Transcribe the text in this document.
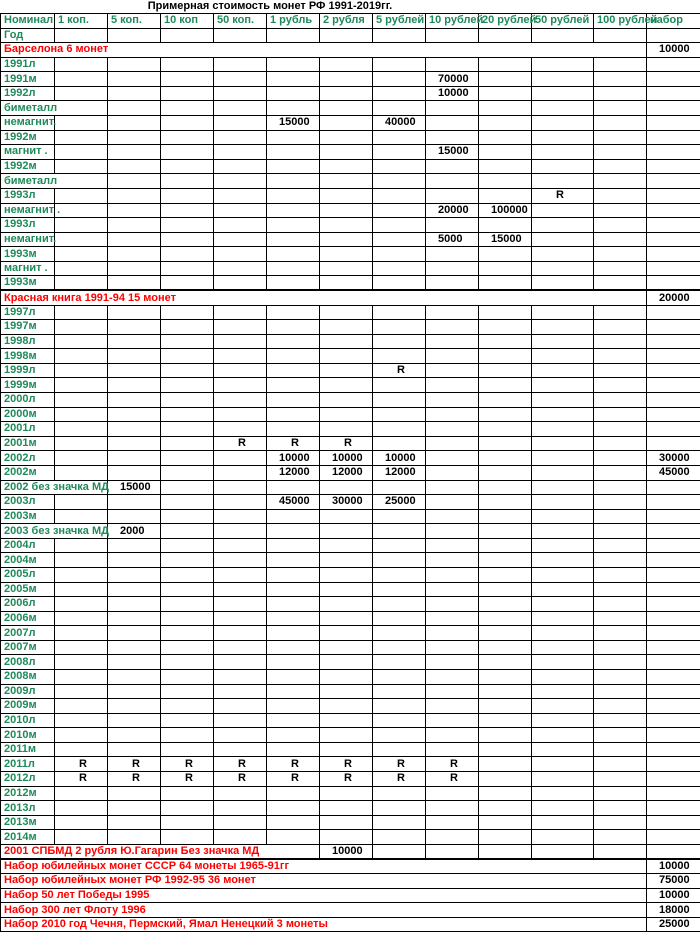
Примерная стоимость монет РФ 1991-2019гг.
Номинал	1 коп.	5 коп.	10 коп	50 коп.	1 рубль	2 рубля	5 рублей	10 рублей	20 рублей	50 рублей	100 рублей	набор
Год												
Барселона 6 монет												10000
1991л												
1991м								70000				
1992л								10000				
биметалл												
немагнит.					15000		40000					
1992м												
магнит .								15000				
1992м												
биметалл												
1993л										R		
немагнит .								20000	100000			
1993л												
немагнит.								5000	15000			
1993м												
магнит .												
1993м												
Красная книга 1991-94 15 монет												20000
1997л												
1997м												
1998л												
1998м												
1999л							R					
1999м												
2000л												
2000м												
2001л												
2001м				R	R	R						
2002л					10000	10000	10000					30000
2002м					12000	12000	12000					45000
2002 без значка МД		15000										
2003л					45000	30000	25000					
2003м												
2003 без значка МД		2000										
2004л												
2004м												
2005л												
2005м												
2006л												
2006м												
2007л												
2007м												
2008л												
2008м												
2009л												
2009м												
2010л												
2010м												
2011м												
2011л	R	R	R	R	R	R	R	R				
2012л	R	R	R	R	R	R	R	R				
2012м												
2013л												
2013м												
2014м												
2001 СПБМД 2 рубля Ю.Гагарин Без значка МД						10000						
Набор юбилейных монет СССР 64 монеты 1965-91гг												10000
Набор юбилейных монет РФ 1992-95 36 монет												75000
Набор 50 лет Победы 1995												10000
Набор 300 лет Флоту 1996												18000
Набор 2010 год Чечня, Пермский, Ямал Ненецкий 3 монеты												25000
